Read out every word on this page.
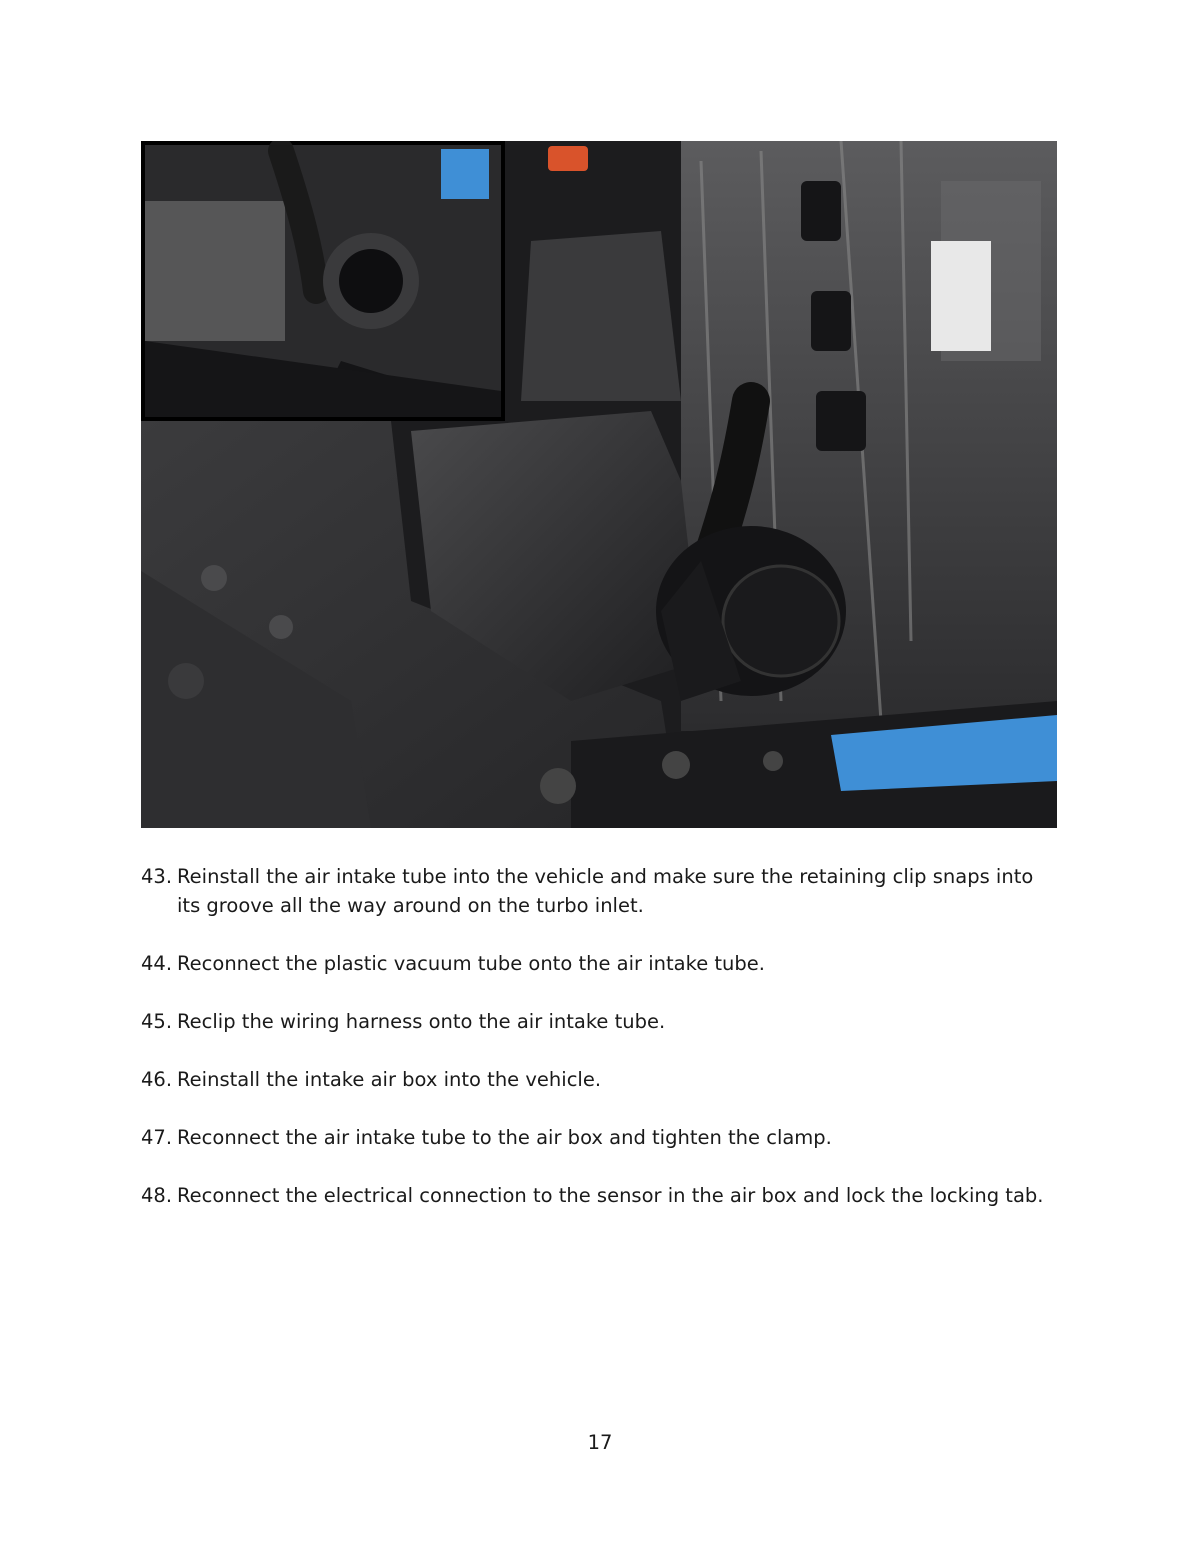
43. Reinstall the air intake tube into the vehicle and make sure the retaining clip snaps into its groove all the way around on the turbo inlet.
44. Reconnect the plastic vacuum tube onto the air intake tube.
45. Reclip the wiring harness onto the air intake tube.
46. Reinstall the intake air box into the vehicle.
47. Reconnect the air intake tube to the air box and tighten the clamp.
48. Reconnect the electrical connection to the sensor in the air box and lock the locking tab.
17
